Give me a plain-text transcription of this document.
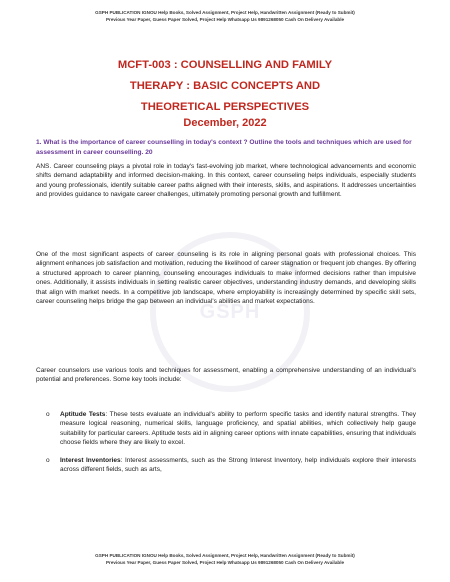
GSPH PUBLICATION IGNOU Help Books, Solved Assignment, Project Help, Handwritten Assignment (Ready to Submit)
Previous Year Paper, Guess Paper Solved, Project Help Whatsapp Us 9891268050 Cash On Delivery Available
GSPH
MCFT-003 : COUNSELLING AND FAMILY
THERAPY : BASIC CONCEPTS AND
THEORETICAL PERSPECTIVES
December, 2022
1. What is the importance of career counselling in today's context ? Outline the tools and techniques which are used for assessment in career counselling. 20
ANS. Career counseling plays a pivotal role in today's fast-evolving job market, where technological advancements and economic shifts demand adaptability and informed decision-making. In this context, career counseling helps individuals, especially students and young professionals, identify suitable career paths aligned with their interests, skills, and aspirations. It addresses uncertainties and provides guidance to navigate career challenges, ultimately promoting personal growth and fulfillment.
One of the most significant aspects of career counseling is its role in aligning personal goals with professional choices. This alignment enhances job satisfaction and motivation, reducing the likelihood of career stagnation or frequent job changes. By offering a structured approach to career planning, counseling encourages individuals to make informed decisions rather than impulsive ones. Additionally, it assists individuals in setting realistic career objectives, understanding industry demands, and developing skills that align with market needs. In a competitive job landscape, where employability is increasingly determined by specific skill sets, career counseling helps bridge the gap between an individual's abilities and market expectations.
Career counselors use various tools and techniques for assessment, enabling a comprehensive understanding of an individual's potential and preferences. Some key tools include:
o Aptitude Tests: These tests evaluate an individual's ability to perform specific tasks and identify natural strengths. They measure logical reasoning, numerical skills, language proficiency, and spatial abilities, which collectively help gauge suitability for particular careers. Aptitude tests aid in aligning career options with innate capabilities, ensuring that individuals choose fields where they are likely to excel.
o Interest Inventories: Interest assessments, such as the Strong Interest Inventory, help individuals explore their interests across different fields, such as arts,
GSPH PUBLICATION IGNOU Help Books, Solved Assignment, Project Help, Handwritten Assignment (Ready to Submit)
Previous Year Paper, Guess Paper Solved, Project Help Whatsapp Us 9891268050 Cash On Delivery Available
